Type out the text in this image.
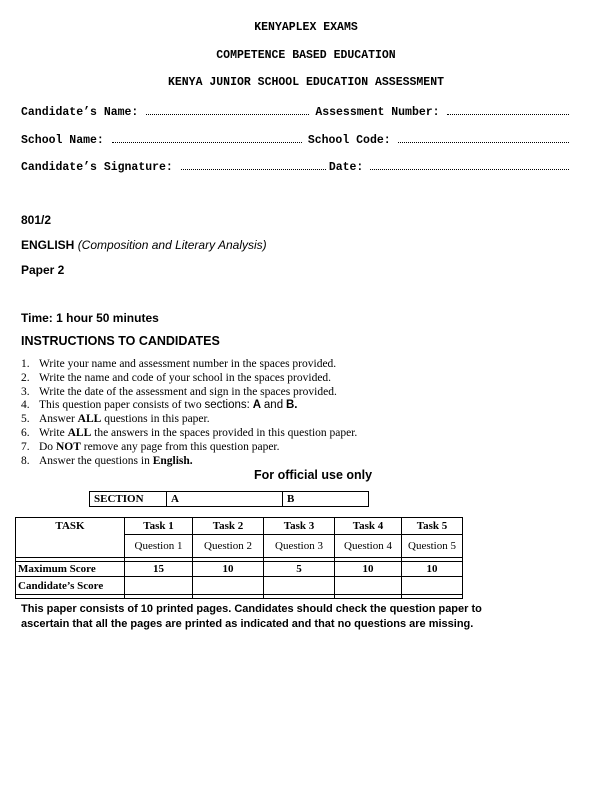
KENYAPLEX EXAMS
COMPETENCE BASED EDUCATION
KENYA JUNIOR SCHOOL EDUCATION ASSESSMENT
Candidate’s Name:	Assessment Number:
School Name:	School Code:
Candidate’s Signature:	Date:
801/2
ENGLISH (Composition and Literary Analysis)
Paper 2
Time: 1 hour 50 minutes
INSTRUCTIONS TO CANDIDATES
1. Write your name and assessment number in the spaces provided.
2. Write the name and code of your school in the spaces provided.
3. Write the date of the assessment and sign in the spaces provided.
4. This question paper consists of two sections: A and B.
5. Answer ALL questions in this paper.
6. Write ALL the answers in the spaces provided in this question paper.
7. Do NOT remove any page from this question paper.
8. Answer the questions in English.
For official use only
SECTION	A	B
TASK	Task 1	Task 2	Task 3	Task 4	Task 5
	Question 1	Question 2	Question 3	Question 4	Question 5

Maximum Score	15	10	5	10	10
Candidate’s Score					

This paper consists of 10 printed pages. Candidates should check the question paper to
ascertain that all the pages are printed as indicated and that no questions are missing.
